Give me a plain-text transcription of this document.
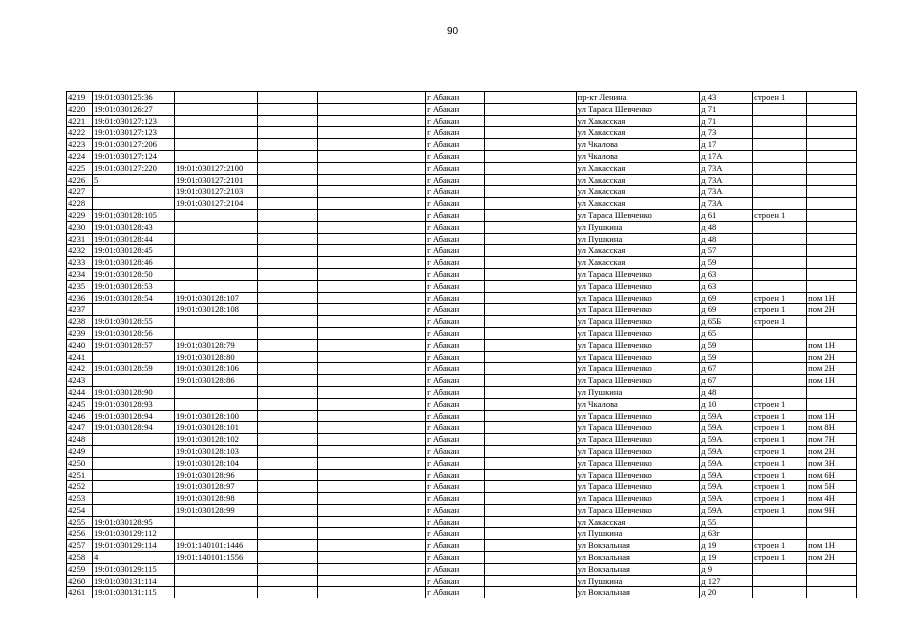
90
4219	19:01:030125:36				г Абакан		пр-кт Ленина	д 43	строен 1	
4220	19:01:030126:27				г Абакан		ул Тараса Шевченко	д 71		
4221	19:01:030127:123				г Абакан		ул Хакасская	д 71		
4222	19:01:030127:123				г Абакан		ул Хакасская	д 73		
4223	19:01:030127:206				г Абакан		ул Чкалова	д 17		
4224	19:01:030127:124				г Абакан		ул Чкалова	д 17А		
4225	19:01:030127:220	19:01:030127:2100			г Абакан		ул Хакасская	д 73А		
4226	5	19:01:030127:2101			г Абакан		ул Хакасская	д 73А		
4227		19:01:030127:2103			г Абакан		ул Хакасская	д 73А		
4228		19:01:030127:2104			г Абакан		ул Хакасская	д 73А		
4229	19:01:030128:105				г Абакан		ул Тараса Шевченко	д 61	строен 1	
4230	19:01:030128:43				г Абакан		ул Пушкина	д 48		
4231	19:01:030128:44				г Абакан		ул Пушкина	д 48		
4232	19:01:030128:45				г Абакан		ул Хакасская	д 57		
4233	19:01:030128:46				г Абакан		ул Хакасская	д 59		
4234	19:01:030128:50				г Абакан		ул Тараса Шевченко	д 63		
4235	19:01:030128:53				г Абакан		ул Тараса Шевченко	д 63		
4236	19:01:030128:54	19:01:030128:107			г Абакан		ул Тараса Шевченко	д 69	строен 1	пом 1Н
4237		19:01:030128:108			г Абакан		ул Тараса Шевченко	д 69	строен 1	пом 2Н
4238	19:01:030128:55				г Абакан		ул Тараса Шевченко	д 65Б	строен 1	
4239	19:01:030128:56				г Абакан		ул Тараса Шевченко	д 65		
4240	19:01:030128:57	19:01:030128:79			г Абакан		ул Тараса Шевченко	д 59		пом 1Н
4241		19:01:030128:80			г Абакан		ул Тараса Шевченко	д 59		пом 2Н
4242	19:01:030128:59	19:01:030128:106			г Абакан		ул Тараса Шевченко	д 67		пом 2Н
4243		19:01:030128:86			г Абакан		ул Тараса Шевченко	д 67		пом 1Н
4244	19:01:030128:90				г Абакан		ул Пушкина	д 48		
4245	19:01:030128:93				г Абакан		ул Чкалова	д 10	строен 1	
4246	19:01:030128:94	19:01:030128:100			г Абакан		ул Тараса Шевченко	д 59А	строен 1	пом 1Н
4247	19:01:030128:94	19:01:030128:101			г Абакан		ул Тараса Шевченко	д 59А	строен 1	пом 8Н
4248		19:01:030128:102			г Абакан		ул Тараса Шевченко	д 59А	строен 1	пом 7Н
4249		19:01:030128:103			г Абакан		ул Тараса Шевченко	д 59А	строен 1	пом 2Н
4250		19:01:030128:104			г Абакан		ул Тараса Шевченко	д 59А	строен 1	пом 3Н
4251		19:01:030128:96			г Абакан		ул Тараса Шевченко	д 59А	строен 1	пом 6Н
4252		19:01:030128:97			г Абакан		ул Тараса Шевченко	д 59А	строен 1	пом 5Н
4253		19:01:030128:98			г Абакан		ул Тараса Шевченко	д 59А	строен 1	пом 4Н
4254		19:01:030128:99			г Абакан		ул Тараса Шевченко	д 59А	строен 1	пом 9Н
4255	19:01:030128:95				г Абакан		ул Хакасская	д 55		
4256	19:01:030129:112				г Абакан		ул Пушкина	д 63г		
4257	19:01:030129:114	19:01:140101:1446			г Абакан		ул Вокзальная	д 19	строен 1	пом 1Н
4258	4	19:01:140101:1556			г Абакан		ул Вокзальная	д 19	строен 1	пом 2Н
4259	19:01:030129:115				г Абакан		ул Вокзальная	д 9		
4260	19:01:030131:114				г Абакан		ул Пушкина	д 127		
4261	19:01:030131:115				г Абакан		ул Вокзальная	д 20		
